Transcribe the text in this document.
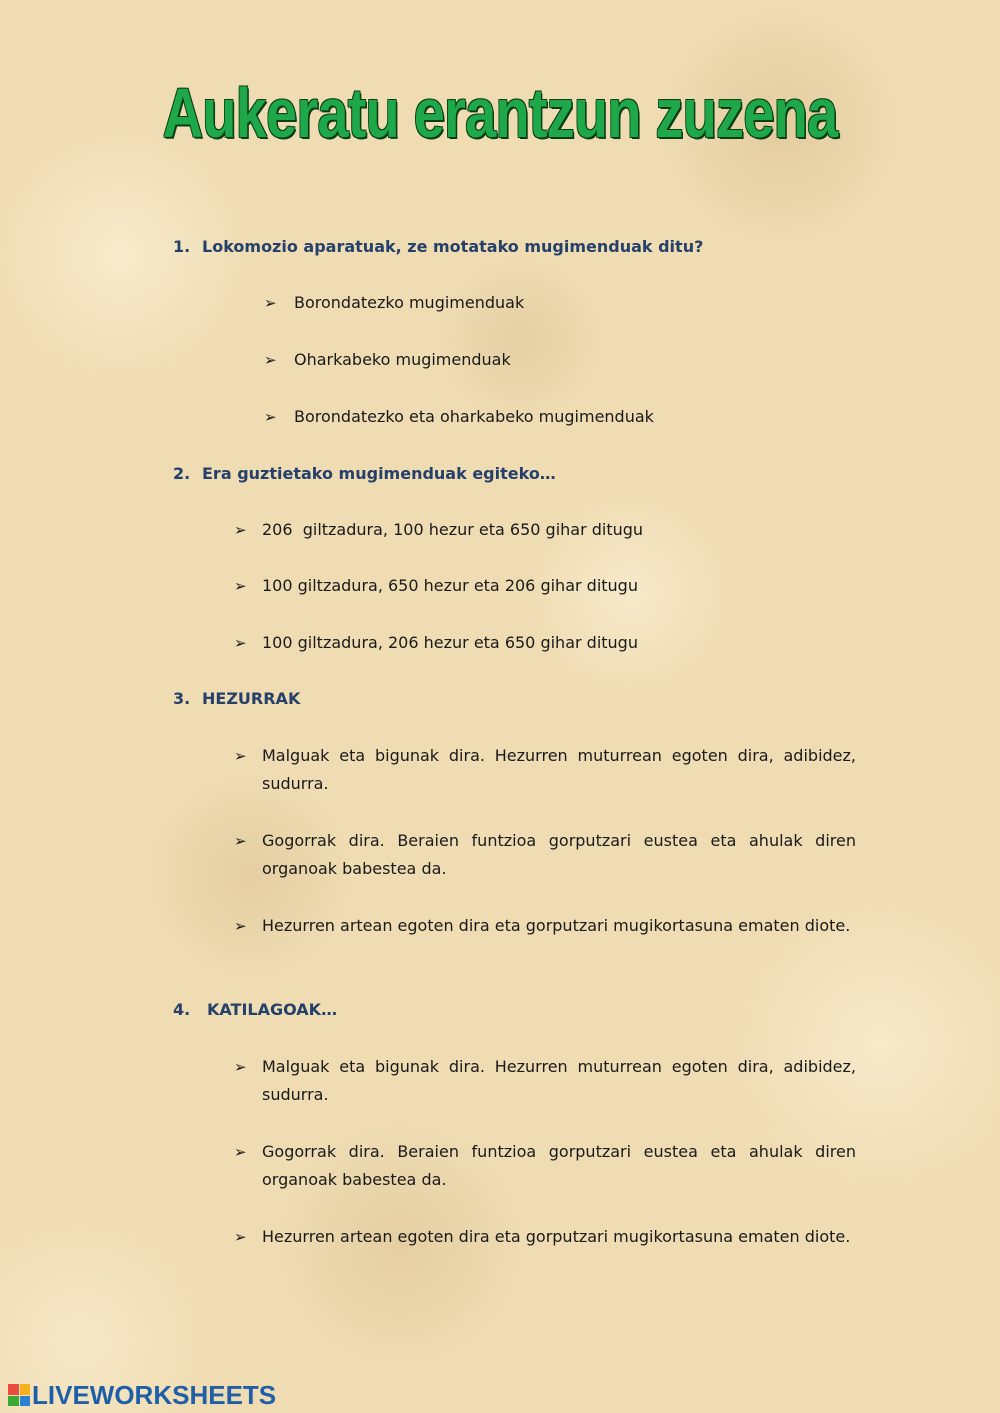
Aukeratu erantzun zuzena
1. Lokomozio aparatuak, ze motatako mugimenduak ditu?
➢	Borondatezko mugimenduak
➢	Oharkabeko mugimenduak
➢	Borondatezko eta oharkabeko mugimenduak
2. Era guztietako mugimenduak egiteko…
➢ 206  giltzadura, 100 hezur eta 650 gihar ditugu
➢ 100 giltzadura, 650 hezur eta 206 gihar ditugu
➢ 100 giltzadura, 206 hezur eta 650 gihar ditugu
3. HEZURRAK
➢ Malguak eta bigunak dira. Hezurren muturrean egoten dira, adibidez, sudurra.
➢ Gogorrak dira. Beraien funtzioa gorputzari eustea eta ahulak diren organoak babestea da.
➢ Hezurren artean egoten dira eta gorputzari mugikortasuna ematen diote.
4. KATILAGOAK…
➢ Malguak eta bigunak dira. Hezurren muturrean egoten dira, adibidez, sudurra.
➢ Gogorrak dira. Beraien funtzioa gorputzari eustea eta ahulak diren organoak babestea da.
➢ Hezurren artean egoten dira eta gorputzari mugikortasuna ematen diote.
LIVEWORKSHEETS
